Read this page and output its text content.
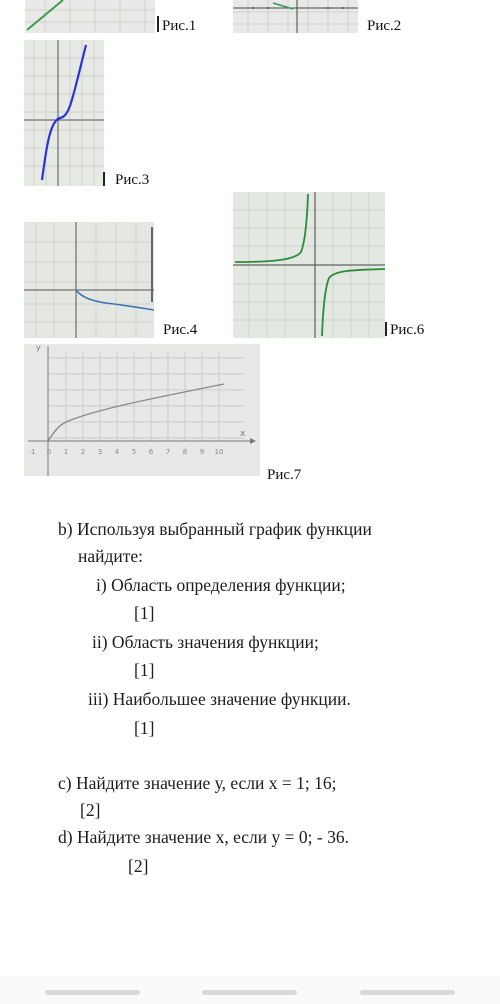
Рис.1	Рис.2
Рис.3
Рис.4	Рис.6
x
y
-1 0 1 2 3 4 5 6 7 8 9 10
Рис.7
b) Используя выбранный график функции
найдите:
i) Область определения функции;
[1]
ii) Область значения функции;
[1]
iii) Наибольшее значение функции.
[1]
c) Найдите значение у, если х = 1; 16;
[2]
d) Найдите значение х, если у = 0; - 36.
[2]
